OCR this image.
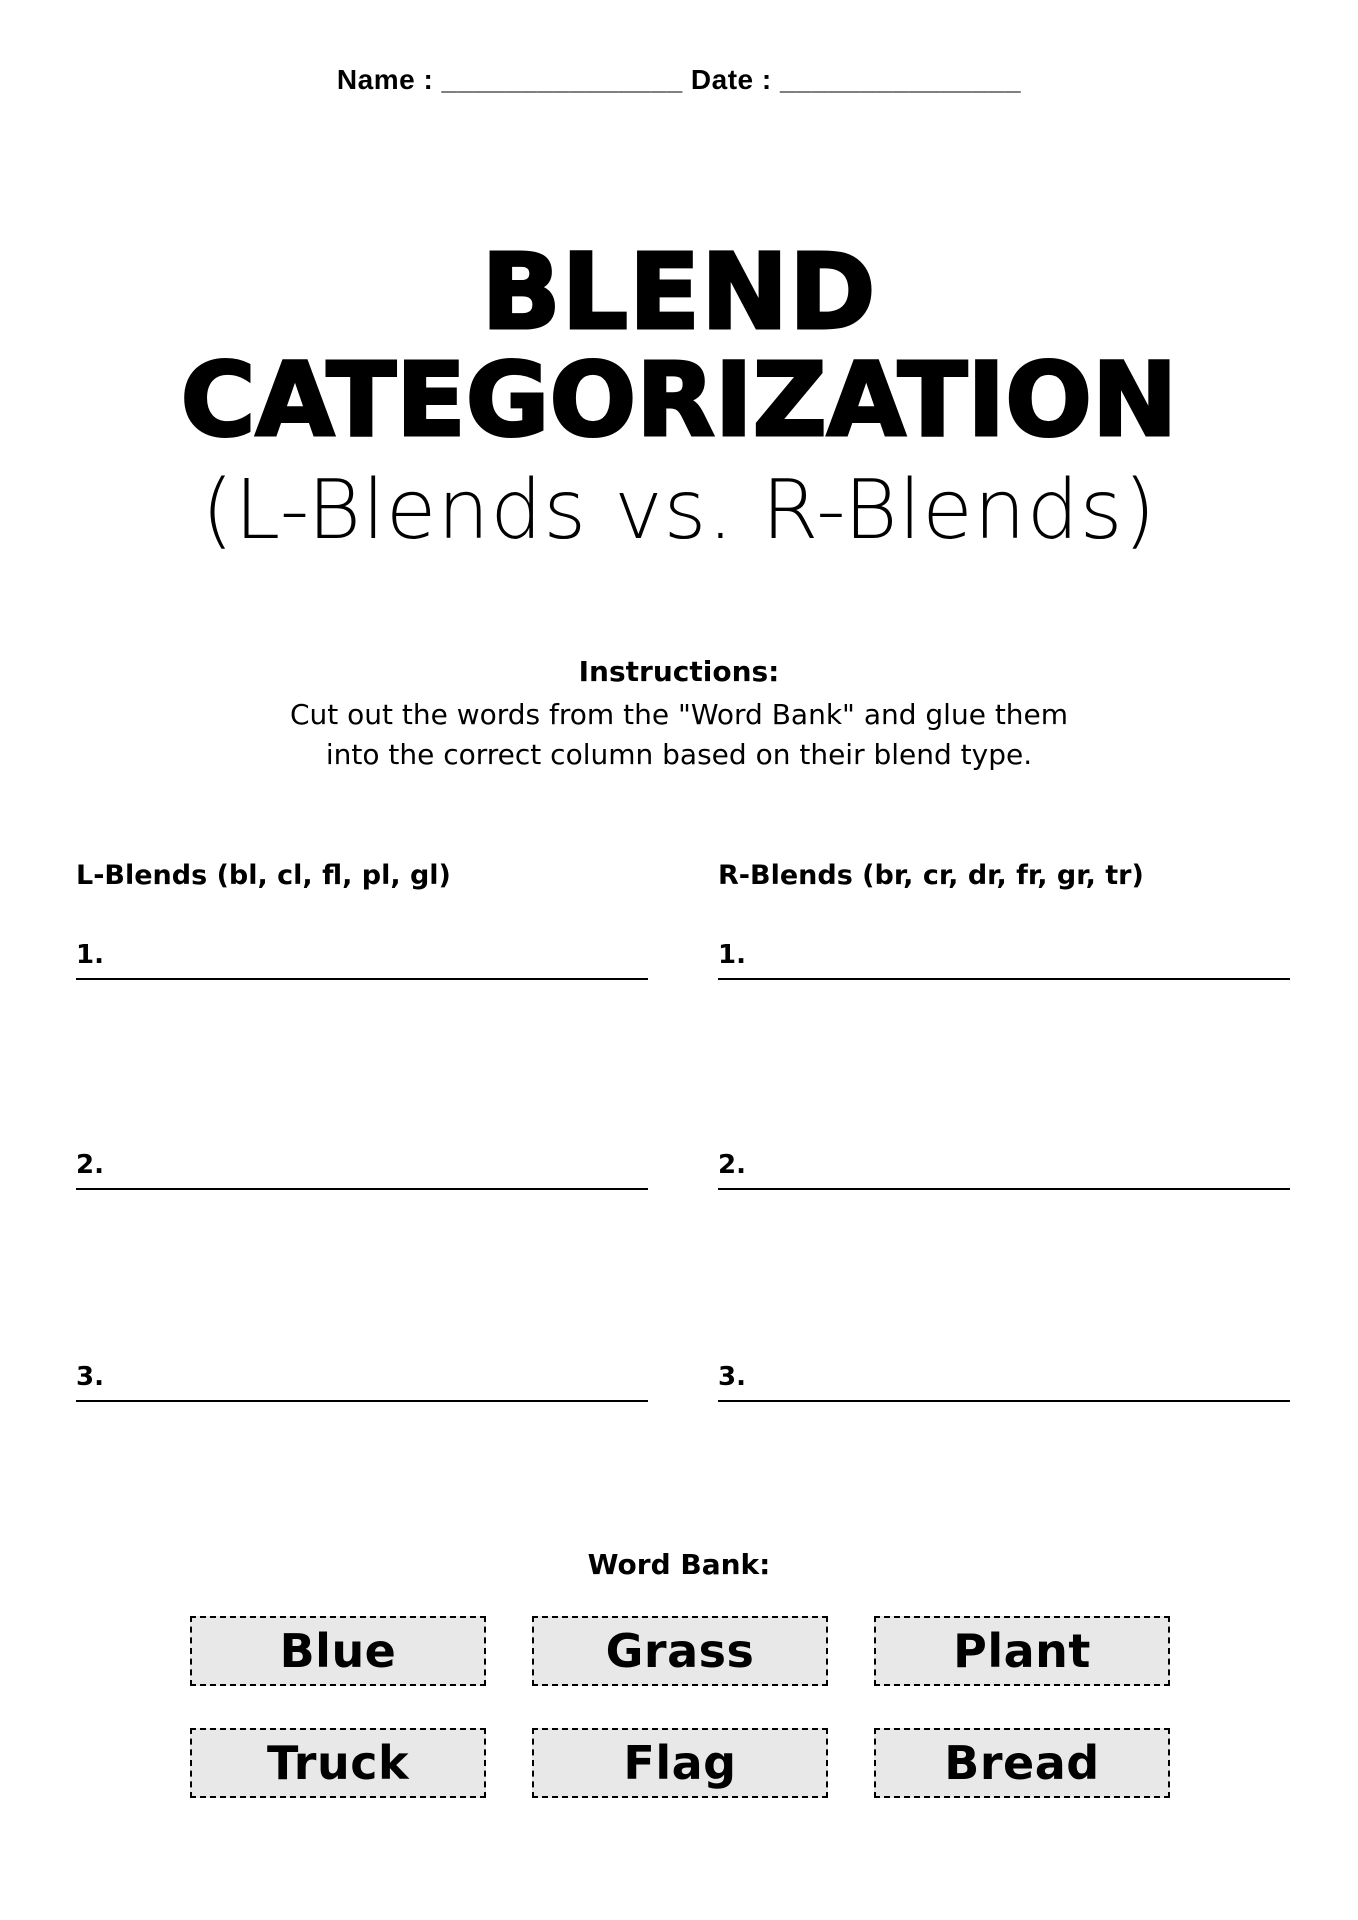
Name : _______________ Date : _______________
BLEND
CATEGORIZATION
(L-Blends vs. R-Blends)
Instructions:
Cut out the words from the "Word Bank" and glue them
into the correct column based on their blend type.
L-Blends (bl, cl, fl, pl, gl)	R-Blends (br, cr, dr, fr, gr, tr)
1.
2.
3.
1.
2.
3.
Word Bank:
Blue	Grass	Plant
Truck	Flag	Bread
